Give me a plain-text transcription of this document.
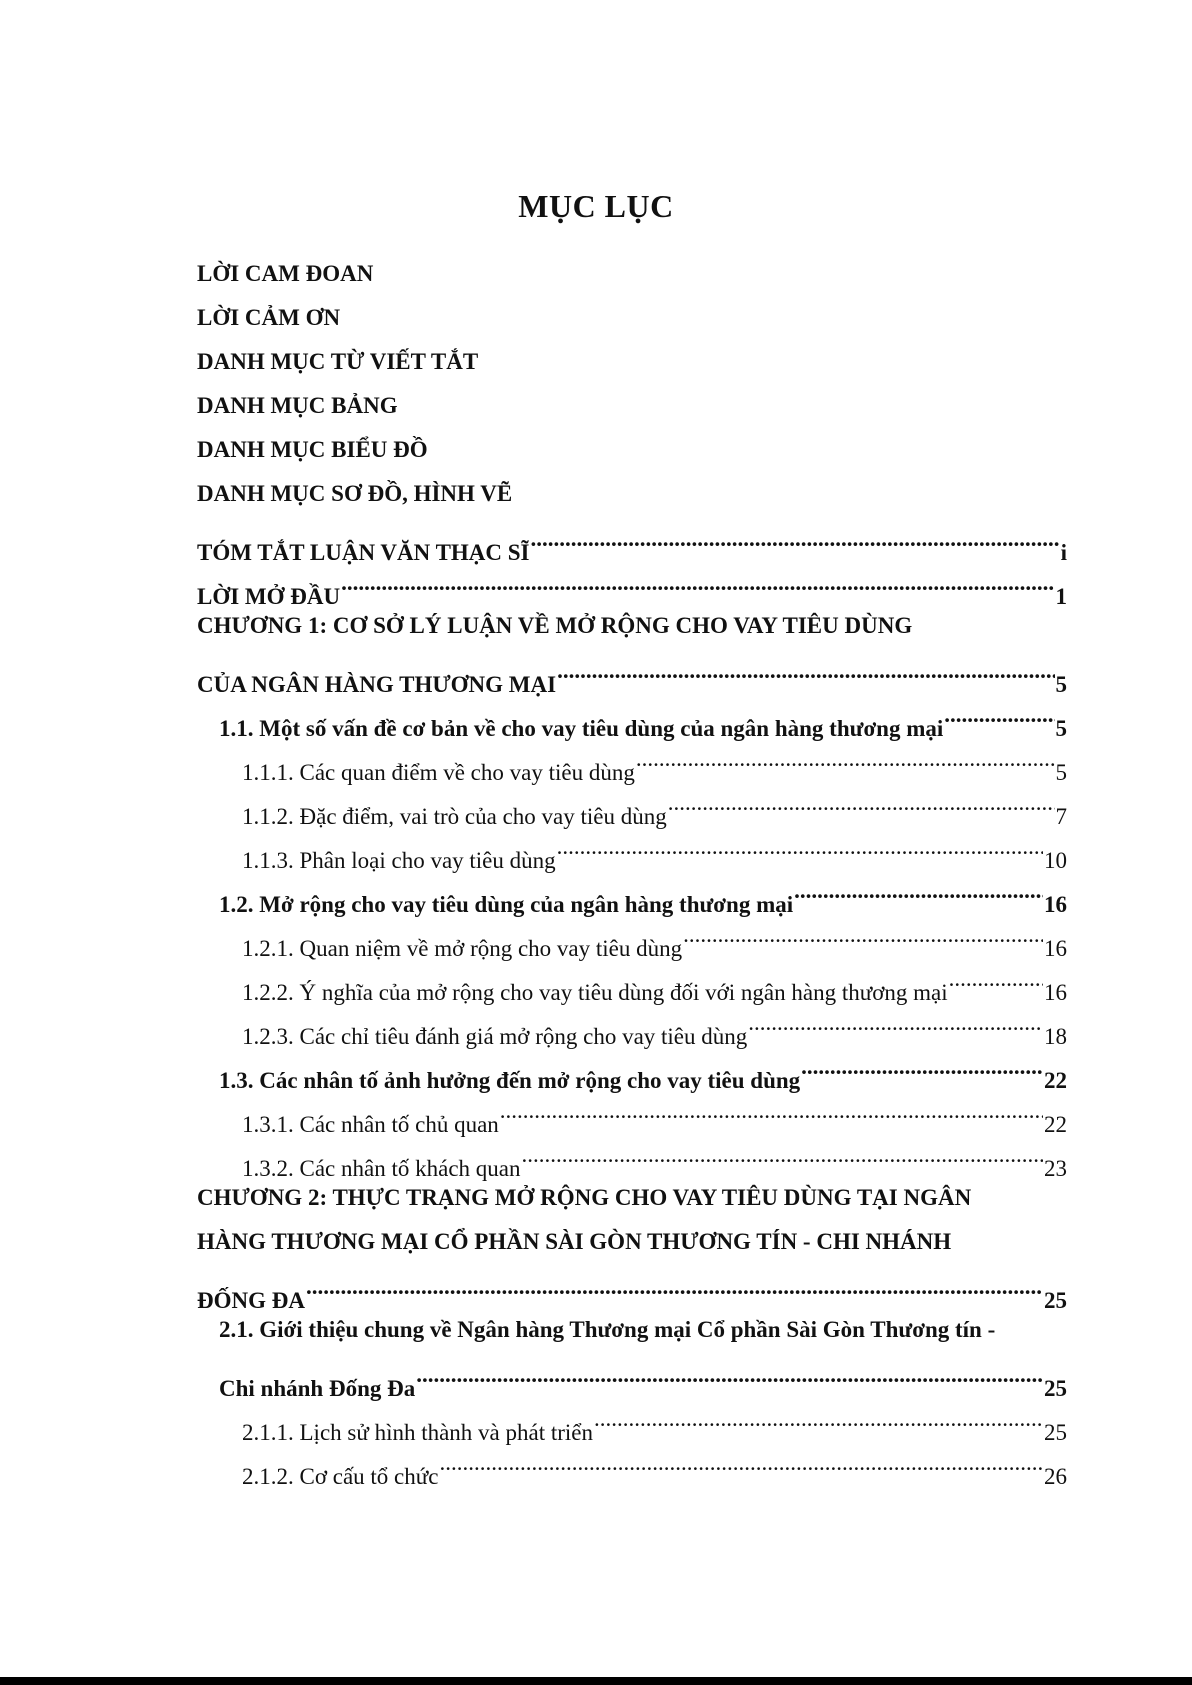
MỤC LỤC
LỜI CAM ĐOAN
LỜI CẢM ƠN
DANH MỤC TỪ VIẾT TẮT
DANH MỤC BẢNG
DANH MỤC BIỂU ĐỒ
DANH MỤC SƠ ĐỒ, HÌNH VẼ
TÓM TẮT LUẬN VĂN THẠC SĨ .....	i
LỜI MỞ ĐẦU .....	1
CHƯƠNG 1: CƠ SỞ LÝ LUẬN VỀ MỞ RỘNG CHO VAY TIÊU DÙNG
CỦA NGÂN HÀNG THƯƠNG MẠI .....	5
1.1. Một số vấn đề cơ bản về cho vay tiêu dùng của ngân hàng thương mại .....	5
1.1.1. Các quan điểm về cho vay tiêu dùng .....	5
1.1.2. Đặc điểm, vai trò của cho vay tiêu dùng .....	7
1.1.3. Phân loại cho vay tiêu dùng .....	10
1.2. Mở rộng cho vay tiêu dùng của ngân hàng thương mại .....	16
1.2.1. Quan niệm về mở rộng cho vay tiêu dùng .....	16
1.2.2. Ý nghĩa của mở rộng cho vay tiêu dùng đối với ngân hàng thương mại .....	16
1.2.3. Các chỉ tiêu đánh giá mở rộng cho vay tiêu dùng .....	18
1.3. Các nhân tố ảnh hưởng đến mở rộng cho vay tiêu dùng .....	22
1.3.1. Các nhân tố chủ quan .....	22
1.3.2. Các nhân tố khách quan .....	23
CHƯƠNG 2: THỰC TRẠNG MỞ RỘNG CHO VAY TIÊU DÙNG TẠI NGÂN
HÀNG THƯƠNG MẠI CỔ PHẦN SÀI GÒN THƯƠNG TÍN - CHI NHÁNH
ĐỐNG ĐA .....	25
2.1. Giới thiệu chung về Ngân hàng Thương mại Cổ phần Sài Gòn Thương tín -
Chi nhánh Đống Đa .....	25
2.1.1. Lịch sử hình thành và phát triển .....	25
2.1.2. Cơ cấu tổ chức .....	26
